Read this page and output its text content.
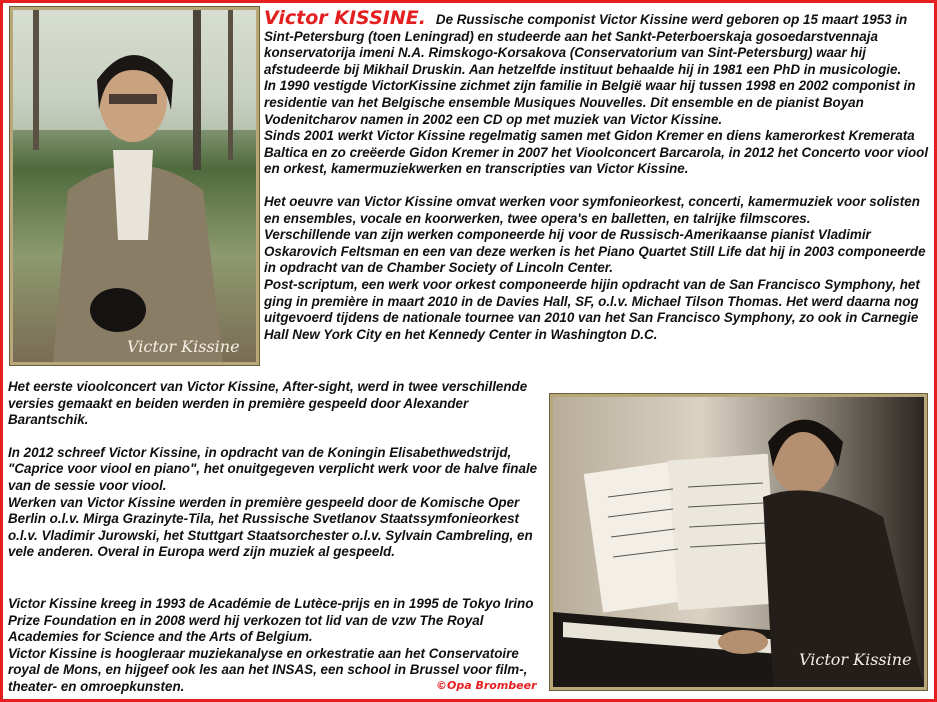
Victor Kissine
Victor Kissine

Victor KISSINE. De Russische componist Victor Kissine werd geboren op 15 maart 1953 in Sint-Petersburg (toen Leningrad) en studeerde aan het Sankt-Peterboerskaja gosoedarstvennaja konservatorija imeni N.A. Rimskogo-Korsakova (Conservatorium van Sint-Petersburg) waar hij afstudeerde bij Mikhail Druskin. Aan hetzelfde instituut behaalde hij in 1981 een PhD in musicologie.

In 1990 vestigde VictorKissine zichmet zijn familie in België waar hij tussen 1998 en 2002 componist in residentie van het Belgische ensemble Musiques Nouvelles. Dit ensemble en de pianist Boyan Vodenitcharov namen in 2002 een CD op met muziek van Victor Kissine.

Sinds 2001 werkt Victor Kissine regelmatig samen met Gidon Kremer en diens kamerorkest Kremerata Baltica en zo creëerde Gidon Kremer in 2007 het Vioolconcert Barcarola, in 2012 het Concerto voor viool en orkest, kamermuziekwerken en transcripties van Victor Kissine.

Het oeuvre van Victor Kissine omvat werken voor symfonieorkest, concerti, kamermuziek voor solisten en ensembles, vocale en koorwerken, twee opera's en balletten, en talrijke filmscores.

Verschillende van zijn werken componeerde hij voor de Russisch-Amerikaanse pianist Vladimir Oskarovich Feltsman en een van deze werken is het Piano Quartet Still Life dat hij in 2003 componeerde in opdracht van de Chamber Society of Lincoln Center.

Post-scriptum, een werk voor orkest componeerde hijin opdracht van de San Francisco Symphony, het ging in première in maart 2010 in de Davies Hall, SF, o.l.v. Michael Tilson Thomas. Het werd daarna nog uitgevoerd tijdens de nationale tournee van 2010 van het San Francisco Symphony, zo ook in Carnegie Hall New York City en het Kennedy Center in Washington D.C.

Het eerste vioolconcert van Victor Kissine, After-sight, werd in twee verschillende versies gemaakt en beiden werden in première gespeeld door Alexander Barantschik.

In 2012 schreef Victor Kissine, in opdracht van de Koningin Elisabethwedstrijd, "Caprice voor viool en piano", het onuitgegeven verplicht werk voor de halve finale van de sessie voor viool.

Werken van Victor Kissine werden in première gespeeld door de Komische Oper Berlin o.l.v. Mirga Grazinyte-Tila, het Russische Svetlanov Staatssymfonieorkest o.l.v. Vladimir Jurowski, het Stuttgart Staatsorchester o.l.v. Sylvain Cambreling, en vele anderen. Overal in Europa werd zijn muziek al gespeeld.

Victor Kissine kreeg in 1993 de Académie de Lutèce-prijs en in 1995 de Tokyo Irino Prize Foundation en in 2008 werd hij verkozen tot lid van de vzw The Royal Academies for Science and the Arts of Belgium.

Victor Kissine is hoogleraar muziekanalyse en orkestratie aan het Conservatoire royal de Mons, en hijgeef ook les aan het INSAS, een school in Brussel voor film-, theater- en omroepkunsten.	©Opa Brombeer
